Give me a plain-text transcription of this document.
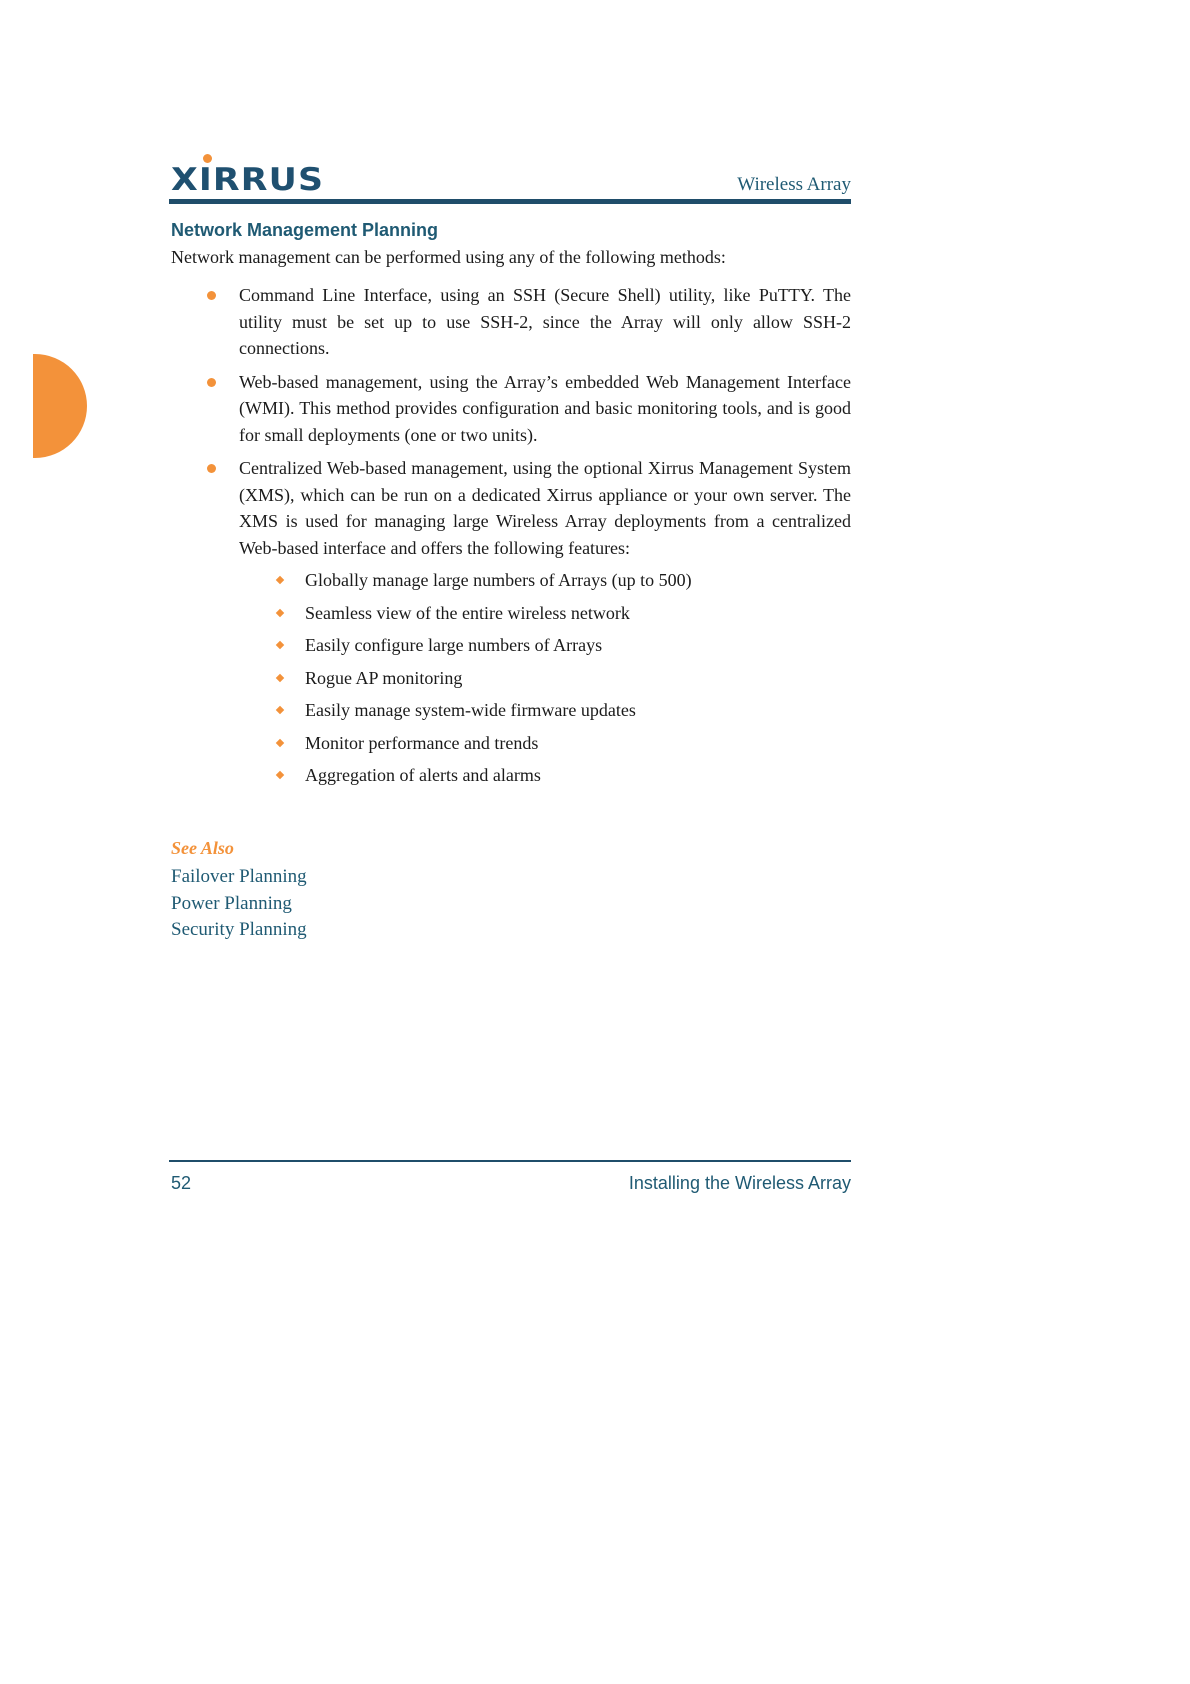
XIRRUS	Wireless Array
Network Management Planning
Network management can be performed using any of the following methods:
Command Line Interface, using an SSH (Secure Shell) utility, like PuTTY. The utility must be set up to use SSH-2, since the Array will only allow SSH-2 connections.
Web-based management, using the Array’s embedded Web Management Interface (WMI). This method provides configuration and basic monitoring tools, and is good for small deployments (one or two units).
Centralized Web-based management, using the optional Xirrus Management System (XMS), which can be run on a dedicated Xirrus appliance or your own server. The XMS is used for managing large Wireless Array deployments from a centralized Web-based interface and offers the following features:
Globally manage large numbers of Arrays (up to 500)
Seamless view of the entire wireless network
Easily configure large numbers of Arrays
Rogue AP monitoring
Easily manage system-wide firmware updates
Monitor performance and trends
Aggregation of alerts and alarms
See Also
Failover Planning
Power Planning
Security Planning
52	Installing the Wireless Array
